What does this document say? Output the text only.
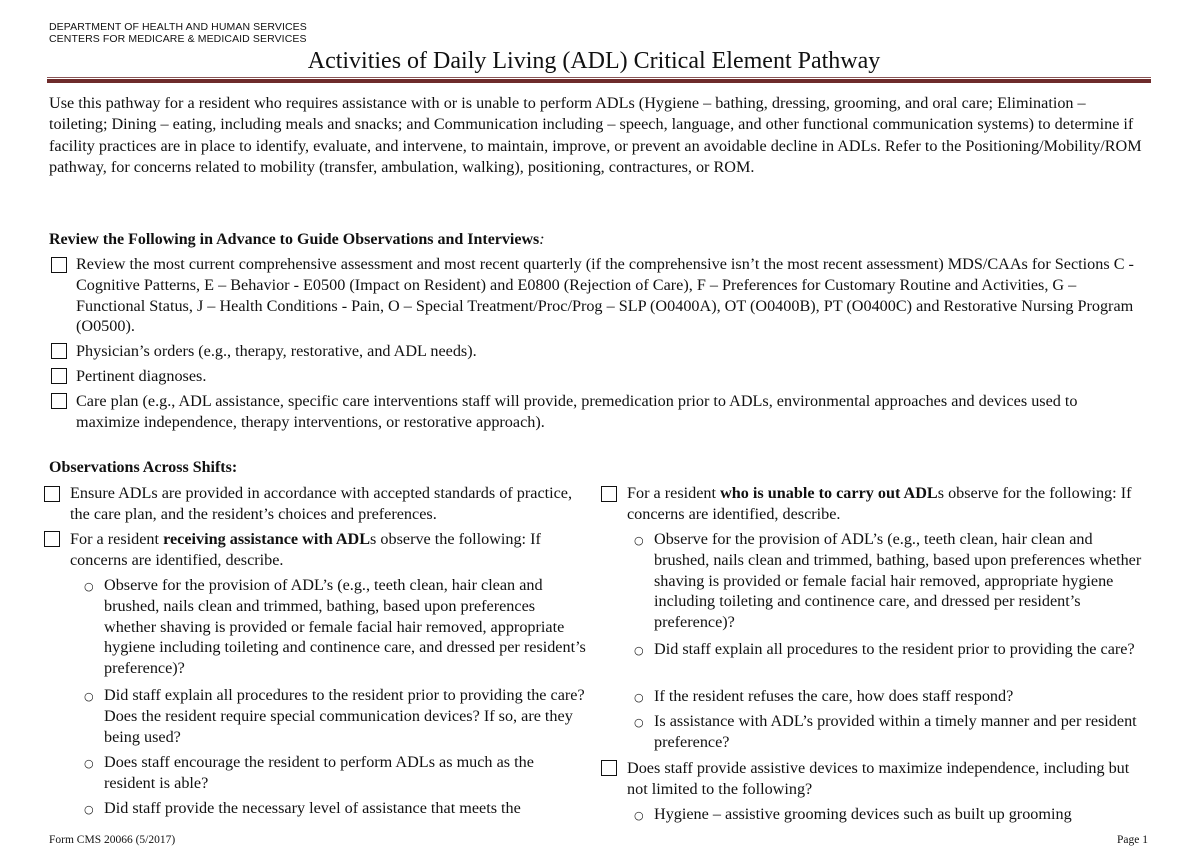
DEPARTMENT OF HEALTH AND HUMAN SERVICES
CENTERS FOR MEDICARE & MEDICAID SERVICES
Activities of Daily Living (ADL) Critical Element Pathway
Use this pathway for a resident who requires assistance with or is unable to perform ADLs (Hygiene – bathing, dressing, grooming, and oral care; Elimination – toileting; Dining – eating, including meals and snacks; and Communication including – speech, language, and other functional communication systems) to determine if facility practices are in place to identify, evaluate, and intervene, to maintain, improve, or prevent an avoidable decline in ADLs. Refer to the Positioning/Mobility/ROM pathway, for concerns related to mobility (transfer, ambulation, walking), positioning, contractures, or ROM.
Review the Following in Advance to Guide Observations and Interviews:
Review the most current comprehensive assessment and most recent quarterly (if the comprehensive isn’t the most recent assessment) MDS/CAAs for Sections C - Cognitive Patterns, E – Behavior - E0500 (Impact on Resident) and E0800 (Rejection of Care), F – Preferences for Customary Routine and Activities, G – Functional Status, J – Health Conditions - Pain, O – Special Treatment/Proc/Prog – SLP (O0400A), OT (O0400B), PT (O0400C) and Restorative Nursing Program (O0500).
Physician’s orders (e.g., therapy, restorative, and ADL needs).
Pertinent diagnoses.
Care plan (e.g., ADL assistance, specific care interventions staff will provide, premedication prior to ADLs, environmental approaches and devices used to maximize independence, therapy interventions, or restorative approach).
Observations Across Shifts:
Ensure ADLs are provided in accordance with accepted standards of practice, the care plan, and the resident’s choices and preferences.
For a resident receiving assistance with ADLs observe the following: If concerns are identified, describe.
○ Observe for the provision of ADL’s (e.g., teeth clean, hair clean and brushed, nails clean and trimmed, bathing, based upon preferences whether shaving is provided or female facial hair removed, appropriate hygiene including toileting and continence care, and dressed per resident’s preference)?
○ Did staff explain all procedures to the resident prior to providing the care? Does the resident require special communication devices? If so, are they being used?
○ Does staff encourage the resident to perform ADLs as much as the resident is able?
○ Did staff provide the necessary level of assistance that meets the
For a resident who is unable to carry out ADLs observe for the following: If concerns are identified, describe.
○ Observe for the provision of ADL’s (e.g., teeth clean, hair clean and brushed, nails clean and trimmed, bathing, based upon preferences whether shaving is provided or female facial hair removed, appropriate hygiene including toileting and continence care, and dressed per resident’s preference)?
○ Did staff explain all procedures to the resident prior to providing the care?
○ If the resident refuses the care, how does staff respond?
○ Is assistance with ADL’s provided within a timely manner and per resident preference?
Does staff provide assistive devices to maximize independence, including but not limited to the following?
○ Hygiene – assistive grooming devices such as built up grooming
Form CMS 20066 (5/2017)	Page 1
